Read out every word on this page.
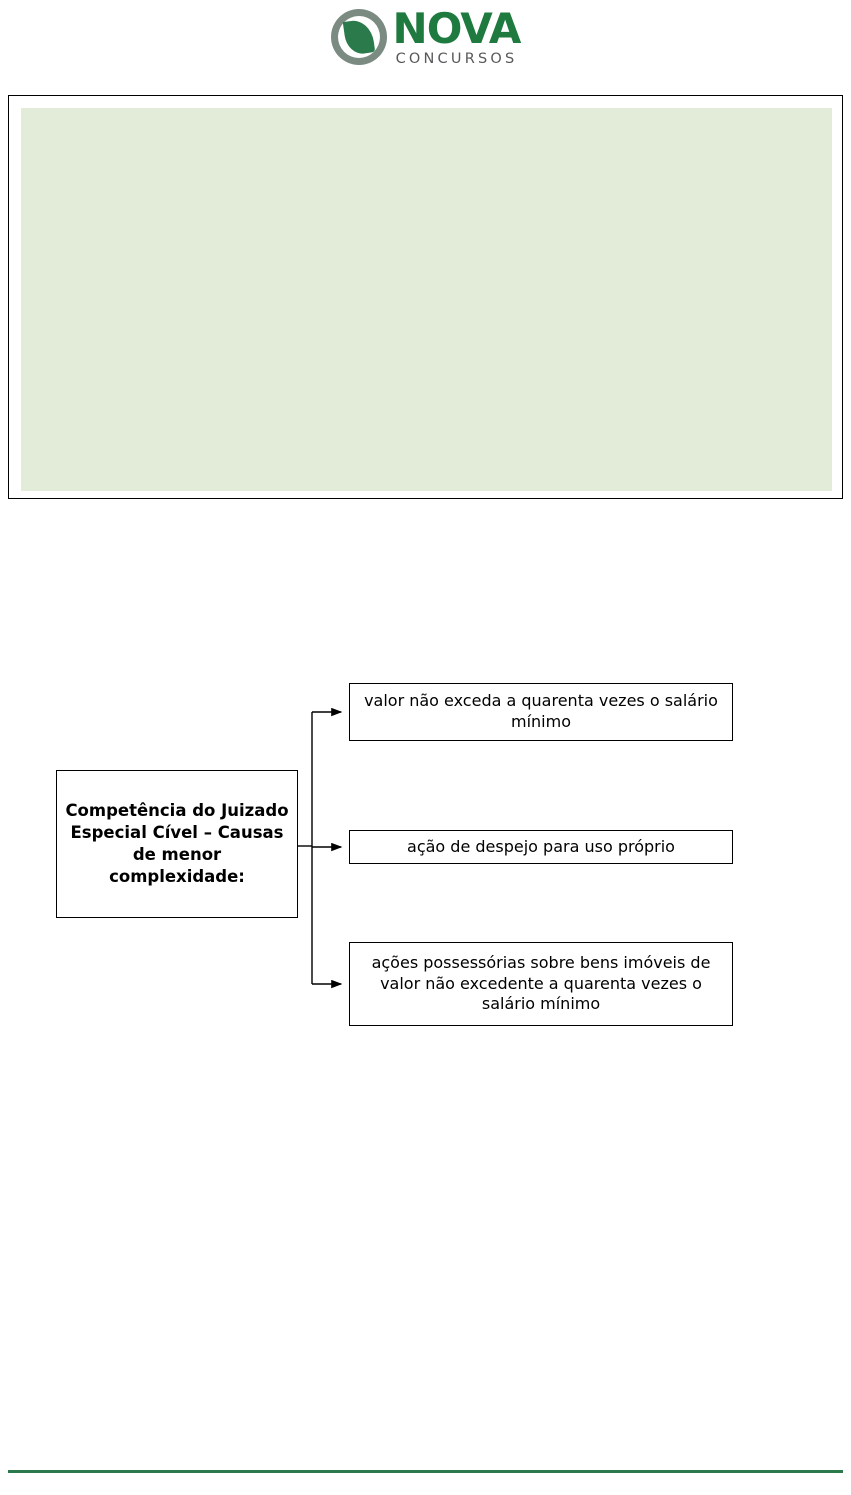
NOVA
CONCURSOS
Competência do Juizado Especial Cível – Causas de menor complexidade:
valor não exceda a quarenta vezes o salário mínimo
ação de despejo para uso próprio
ações possessórias sobre bens imóveis de valor não excedente a quarenta vezes o salário mínimo
